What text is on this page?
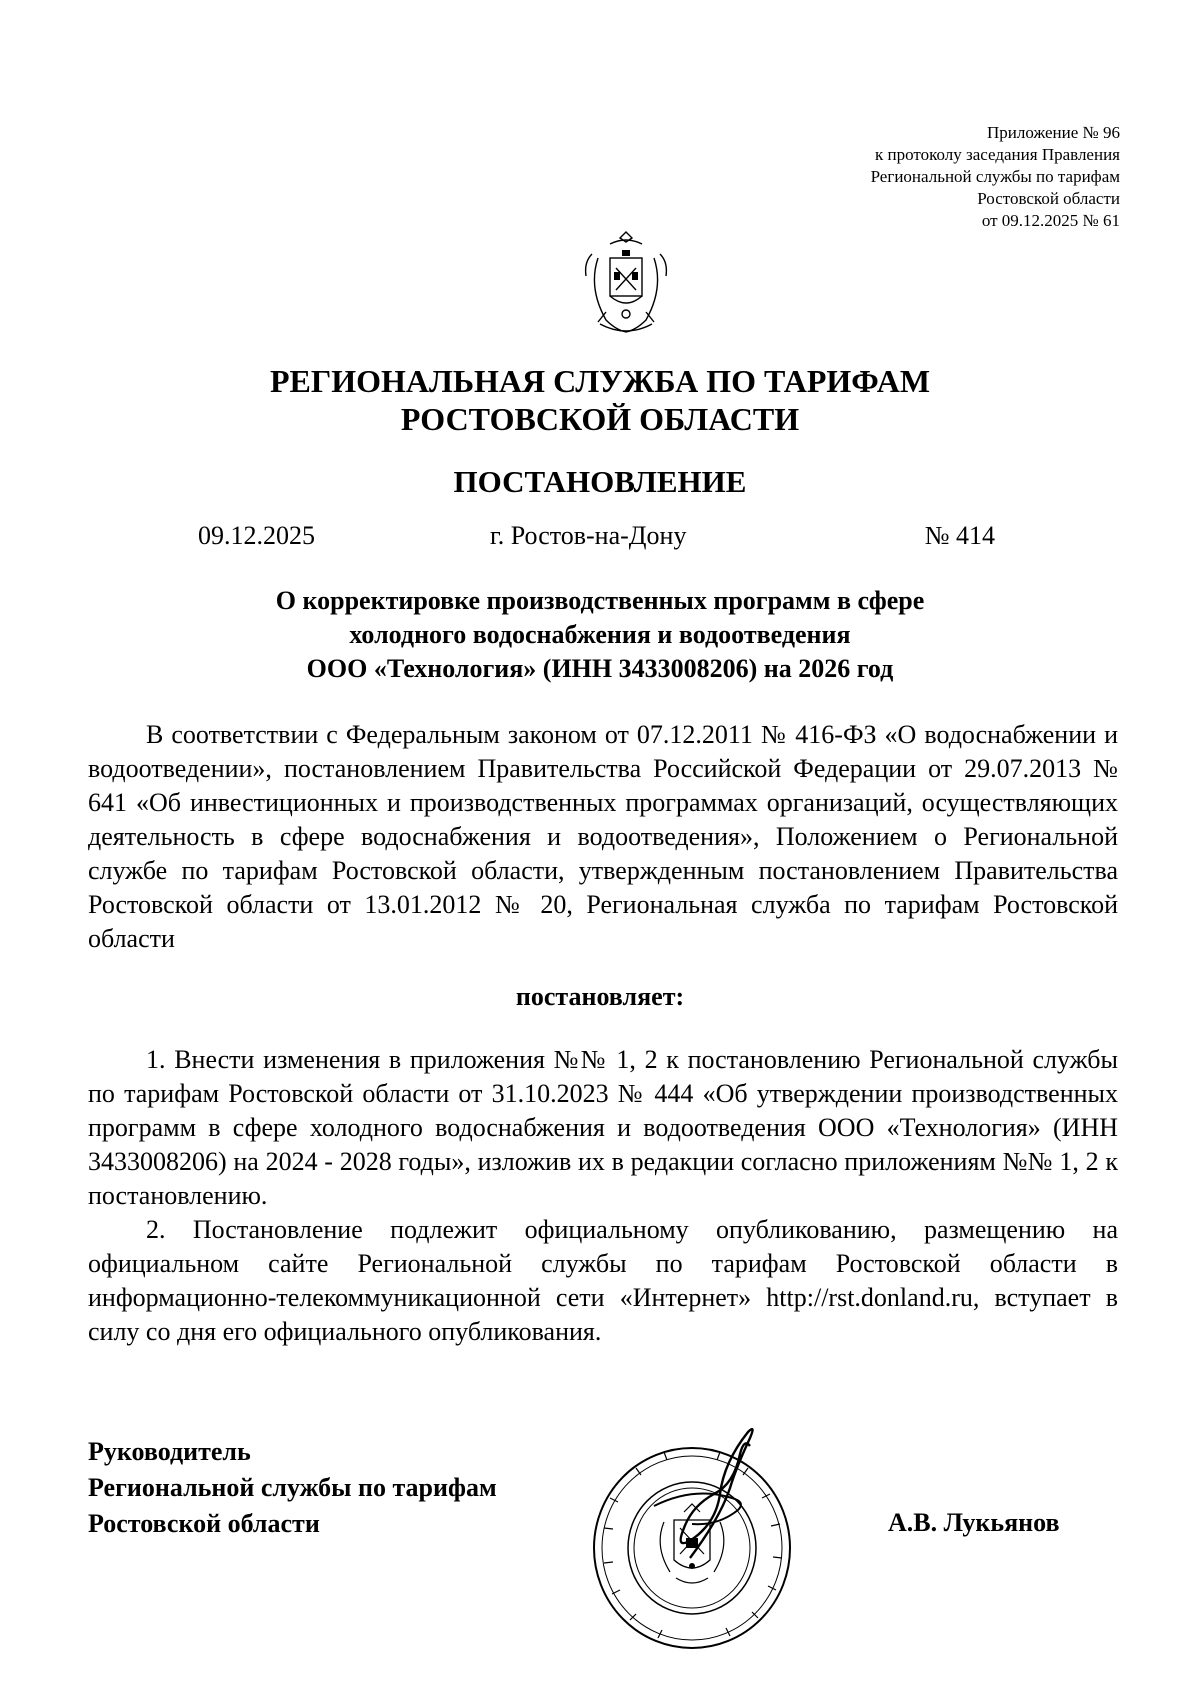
Приложение № 96
к протоколу заседания Правления
Региональной службы по тарифам
Ростовской области
от 09.12.2025 № 61
РЕГИОНАЛЬНАЯ СЛУЖБА ПО ТАРИФАМ
РОСТОВСКОЙ ОБЛАСТИ
ПОСТАНОВЛЕНИЕ
09.12.2025	г. Ростов-на-Дону	№ 414
О корректировке производственных программ в сфере
холодного водоснабжения и водоотведения
ООО «Технология» (ИНН 3433008206) на 2026 год
В соответствии с Федеральным законом от 07.12.2011 № 416-ФЗ «О водоснабжении и водоотведении», постановлением Правительства Российской Федерации от 29.07.2013 № 641 «Об инвестиционных и производственных программах организаций, осуществляющих деятельность в сфере водоснабжения и водоотведения», Положением о Региональной службе по тарифам Ростовской области, утвержденным постановлением Правительства Ростовской области от 13.01.2012 № 20, Региональная служба по тарифам Ростовской области
постановляет:

1. Внести изменения в приложения №№ 1, 2 к постановлению Региональной службы по тарифам Ростовской области от 31.10.2023 № 444 «Об утверждении производственных программ в сфере холодного водоснабжения и водоотведения ООО «Технология» (ИНН 3433008206) на 2024 - 2028 годы», изложив их в редакции согласно приложениям №№ 1, 2 к постановлению.

2. Постановление подлежит официальному опубликованию, размещению на официальном сайте Региональной службы по тарифам Ростовской области в информационно-телекоммуникационной сети «Интернет» http://rst.donland.ru, вступает в силу со дня его официального опубликования.

Руководитель
Региональной службы по тарифам
Ростовской области	А.В. Лукьянов
